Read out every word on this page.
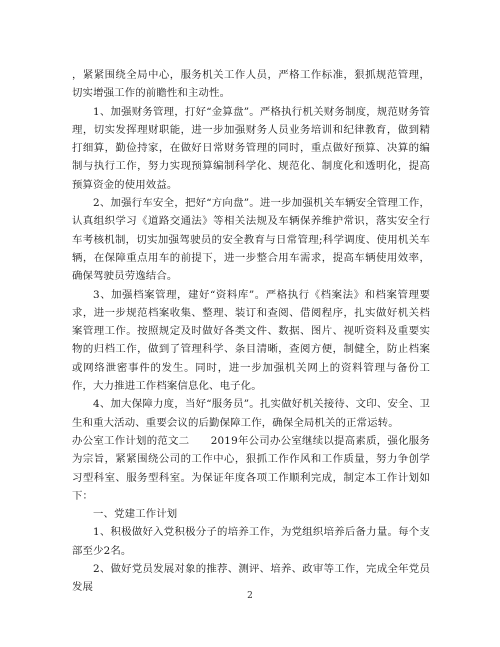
，紧紧围绕全局中心，服务机关工作人员，严格工作标准，狠抓规范管理，切实增强工作的前瞻性和主动性。

1、加强财务管理，打好“金算盘”。严格执行机关财务制度，规范财务管理，切实发挥理财职能，进一步加强财务人员业务培训和纪律教育，做到精打细算，勤俭持家，在做好日常财务管理的同时，重点做好预算、决算的编制与执行工作，努力实现预算编制科学化、规范化、制度化和透明化，提高预算资金的使用效益。

2、加强行车安全，把好“方向盘”。进一步加强机关车辆安全管理工作，认真组织学习《道路交通法》等相关法规及车辆保养维护常识，落实安全行车考核机制，切实加强驾驶员的安全教育与日常管理;科学调度、使用机关车辆，在保障重点用车的前提下，进一步整合用车需求，提高车辆使用效率，确保驾驶员劳逸结合。

3、加强档案管理，建好“资料库”。严格执行《档案法》和档案管理要求，进一步规范档案收集、整理、装订和查阅、借阅程序，扎实做好机关档案管理工作。按照规定及时做好各类文件、数据、图片、视听资料及重要实物的归档工作，做到了管理科学、条目清晰，查阅方便，制健全，防止档案或网络泄密事件的发生。同时，进一步加强机关网上的资料管理与备份工作，大力推进工作档案信息化、电子化。

4、加大保障力度，当好“服务员”。扎实做好机关接待、文印、安全、卫生和重大活动、重要会议的后勤保障工作，确保全局机关的正常运转。

办公室工作计划的范文二　　2019年公司办公室继续以提高素质，强化服务为宗旨，紧紧围绕公司的工作中心，狠抓工作作风和工作质量，努力争创学习型科室、服务型科室。为保证年度各项工作顺利完成，制定本工作计划如下：

一、党建工作计划

1、积极做好入党积极分子的培养工作，为党组织培养后备力量。每个支部至少2名。

2、做好党员发展对象的推荐、测评、培养、政审等工作，完成全年党员发展

2
